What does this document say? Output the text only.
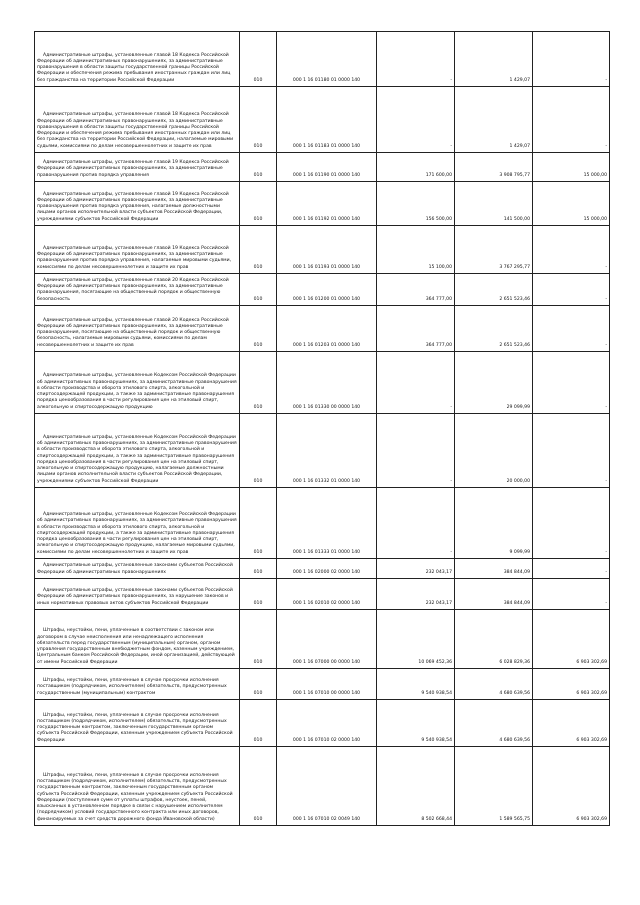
Административные штрафы, установленные главой 18 Кодекса Российской Федерации об административных правонарушениях, за административные правонарушения в области защиты государственной границы Российской Федерации и обеспечения режима пребывания иностранных граждан или лиц без гражданства на территории Российской Федерации	010	000 1 16 01180 01 0000 140	-	1 429,07	-
Административные штрафы, установленные главой 18 Кодекса Российской Федерации об административных правонарушениях, за административные правонарушения в области защиты государственной границы Российской Федерации и обеспечения режима пребывания иностранных граждан или лиц без гражданства на территории Российской Федерации, налагаемые мировыми судьями, комиссиями по делам несовершеннолетних и защите их прав	010	000 1 16 01183 01 0000 140	-	1 429,07	-
Административные штрафы, установленные главой 19 Кодекса Российской Федерации об административных правонарушениях, за административные правонарушения против порядка управления	010	000 1 16 01190 01 0000 140	171 600,00	3 908 795,77	15 000,00
Административные штрафы, установленные главой 19 Кодекса Российской Федерации об административных правонарушениях, за административные правонарушения против порядка управления, налагаемые должностными лицами органов исполнительной власти субъектов Российской Федерации, учреждениями субъектов Российской Федерации	010	000 1 16 01192 01 0000 140	156 500,00	141 500,00	15 000,00
Административные штрафы, установленные главой 19 Кодекса Российской Федерации об административных правонарушениях, за административные правонарушения против порядка управления, налагаемые мировыми судьями, комиссиями по делам несовершеннолетних и защите их прав	010	000 1 16 01193 01 0000 140	15 100,00	3 767 295,77	-
Административные штрафы, установленные главой 20 Кодекса Российской Федерации об административных правонарушениях, за административные правонарушения, посягающие на общественный порядок и общественную безопасность	010	000 1 16 01200 01 0000 140	364 777,00	2 651 523,46	-
Административные штрафы, установленные главой 20 Кодекса Российской Федерации об административных правонарушениях, за административные правонарушения, посягающие на общественный порядок и общественную безопасность, налагаемые мировыми судьями, комиссиями по делам несовершеннолетних и защите их прав	010	000 1 16 01203 01 0000 140	364 777,00	2 651 523,46	-
Административные штрафы, установленные Кодексом Российской Федерации об административных правонарушениях, за административные правонарушения в области производства и оборота этилового спирта, алкогольной и спиртосодержащей продукции, а также за административные правонарушения порядка ценообразования в части регулирования цен на этиловый спирт, алкогольную и спиртосодержащую продукцию	010	000 1 16 01330 00 0000 140	-	29 099,99	-
Административные штрафы, установленные Кодексом Российской Федерации об административных правонарушениях, за административные правонарушения в области производства и оборота этилового спирта, алкогольной и спиртосодержащей продукции, а также за административные правонарушения порядка ценообразования в части регулирования цен на этиловый спирт, алкогольную и спиртосодержащую продукцию, налагаемые должностными лицами органов исполнительной власти субъектов Российской Федерации, учреждениями субъектов Российской Федерации	010	000 1 16 01332 01 0000 140	-	20 000,00	-
Административные штрафы, установленные Кодексом Российской Федерации об административных правонарушениях, за административные правонарушения в области производства и оборота этилового спирта, алкогольной и спиртосодержащей продукции, а также за административные правонарушения порядка ценообразования в части регулирования цен на этиловый спирт, алкогольную и спиртосодержащую продукцию, налагаемые мировыми судьями, комиссиями по делам несовершеннолетних и защите их прав	010	000 1 16 01333 01 0000 140	-	9 099,99	-
Административные штрафы, установленные законами субъектов Российской Федерации об административных правонарушениях	010	000 1 16 02000 02 0000 140	232 043,17	384 844,09	-
Административные штрафы, установленные законами субъектов Российской Федерации об административных правонарушениях, за нарушение законов и иных нормативных правовых актов субъектов Российской Федерации	010	000 1 16 02010 02 0000 140	232 043,17	384 844,09	-
Штрафы, неустойки, пени, уплаченные в соответствии с законом или договором в случае неисполнения или ненадлежащего исполнения обязательств перед государственным (муниципальным) органом, органом управления государственным внебюджетным фондом, казенным учреждением, Центральным банком Российской Федерации, иной организацией, действующей от имени Российской Федерации	010	000 1 16 07000 00 0000 140	10 069 452,36	6 028 829,36	6 903 302,69
Штрафы, неустойки, пени, уплаченные в случае просрочки исполнения поставщиком (подрядчиком, исполнителем) обязательств, предусмотренных государственным (муниципальным) контрактом	010	000 1 16 07010 00 0000 140	9 540 938,54	4 680 639,56	6 903 302,69
Штрафы, неустойки, пени, уплаченные в случае просрочки исполнения поставщиком (подрядчиком, исполнителем) обязательств, предусмотренных государственным контрактом, заключенным государственным органом субъекта Российской Федерации, казенным учреждением субъекта Российской Федерации	010	000 1 16 07010 02 0000 140	9 540 938,54	4 680 639,56	6 903 302,69
Штрафы, неустойки, пени, уплаченные в случае просрочки исполнения поставщиком (подрядчиком, исполнителем) обязательств, предусмотренных государственным контрактом, заключенным государственным органом субъекта Российской Федерации, казенным учреждением субъекта Российской Федерации (поступления сумм от уплаты штрафов, неустоек, пеней, взысканных в установленном порядке в связи с нарушением исполнителем (подрядчиком) условий государственного контракта или иных договоров, финансируемых за счет средств дорожного фонда Ивановской области)	010	000 1 16 07010 02 0049 140	8 502 668,44	1 589 565,75	6 903 302,69
